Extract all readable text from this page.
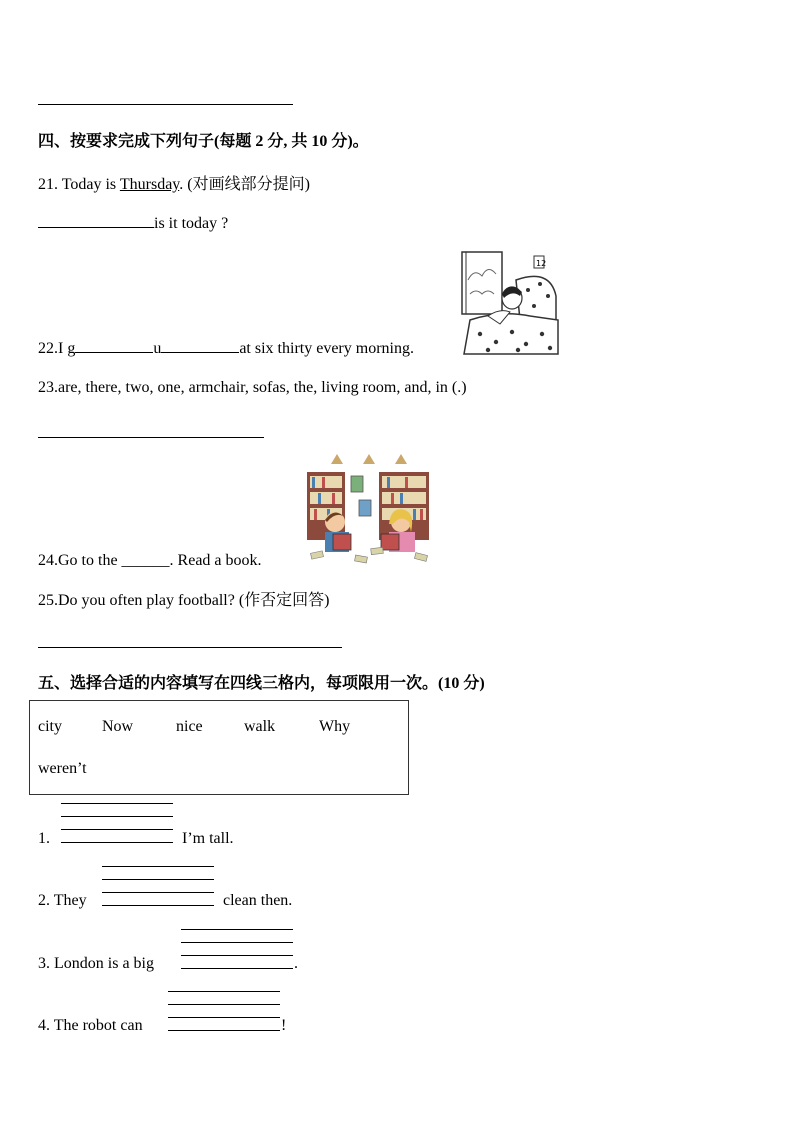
四、按要求完成下列句子(每题 2 分, 共 10 分)。
21. Today is Thursday. (对画线部分提问)
is it today ?
12
22.I g	u	at six thirty every morning.
23.are, there, two, one, armchair, sofas, the, living room, and, in (.)
24.Go to the ______. Read a book.
25.Do you often play football? (作否定回答)
五、选择合适的内容填写在四线三格内，每项限用一次。(10 分)
city	Now	nice	walk	Why
weren’t
1.	I’m tall.
2. They	clean then.
3. London is a big	.
4. The robot can	!
